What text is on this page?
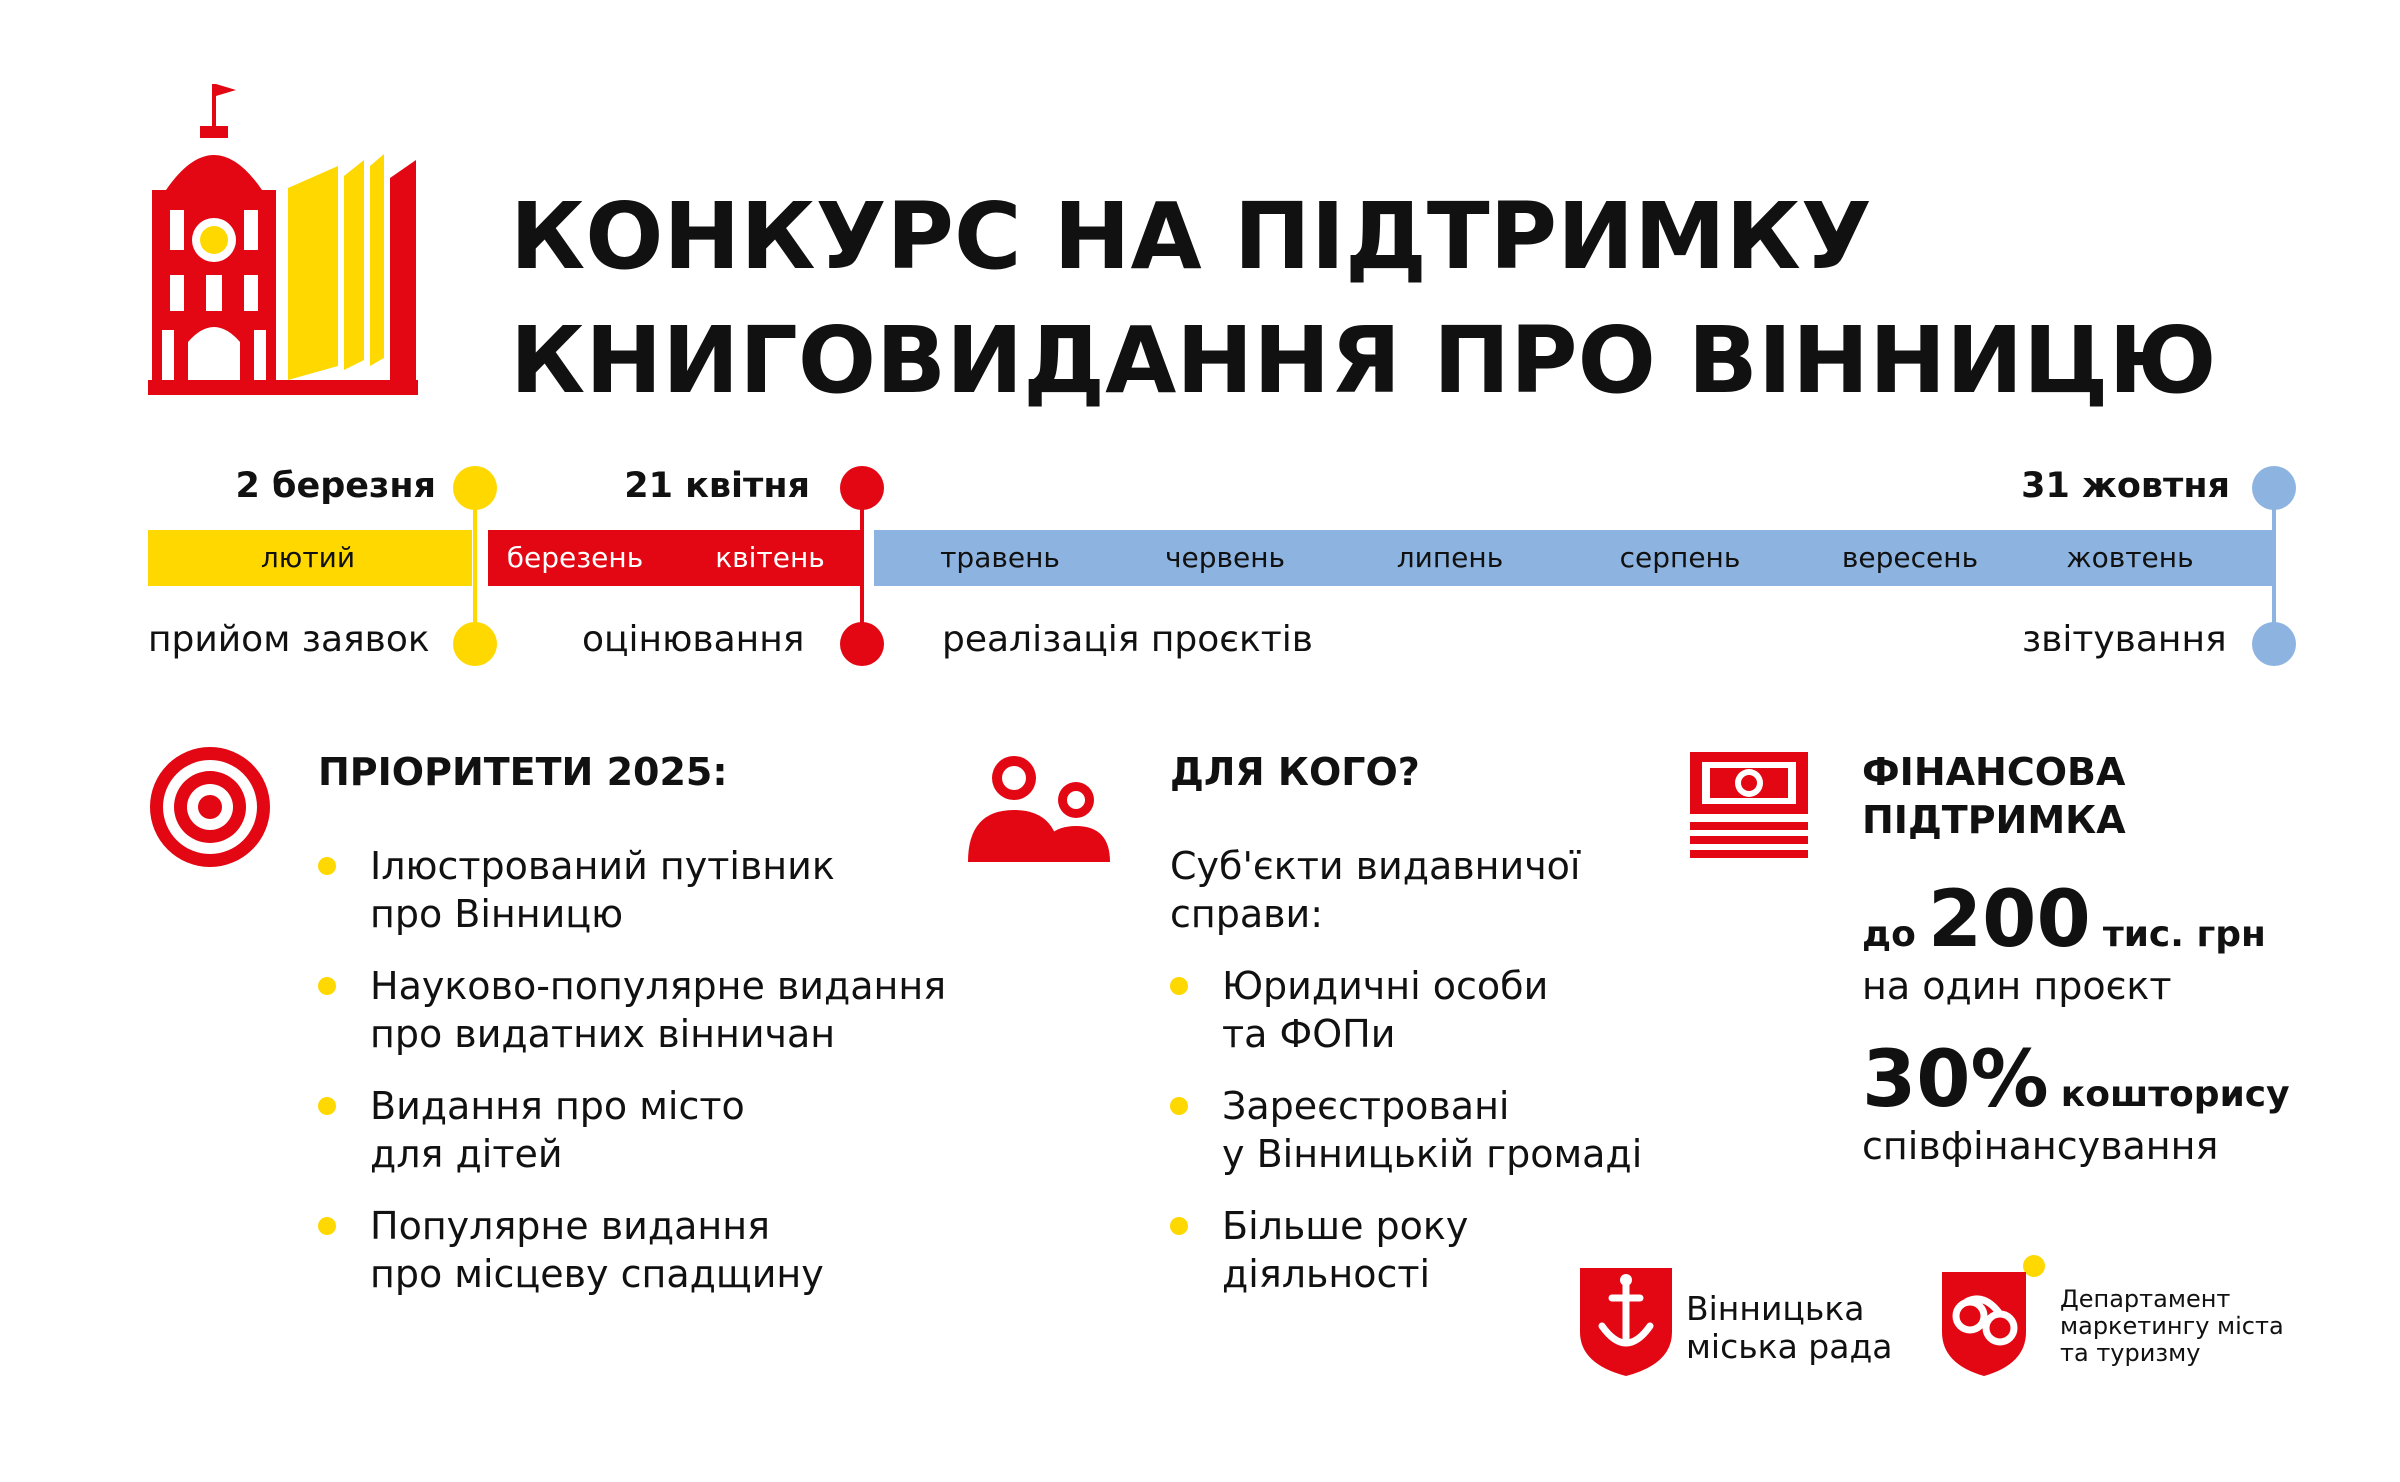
КОНКУРС НА ПІДТРИМКУ
КНИГОВИДАННЯ ПРО ВІННИЦЮ
2 березня	21 квітня	31 жовтня
лютий	березень	квітень	травень	червень	липень	серпень	вересень	жовтень
прийом заявок	оцінювання	реалізація проєктів	звітування
ПРІОРИТЕТИ 2025:
Ілюстрований путівник
про Вінницю
Науково-популярне видання
про видатних вінничан
Видання про місто
для дітей
Популярне видання
про місцеву спадщину
ДЛЯ КОГО?
Суб'єкти видавничої
справи:
Юридичні особи
та ФОПи
Зареєстровані
у Вінницькій громаді
Більше року
діяльності
ФІНАНСОВА
ПІДТРИМКА
до 200 тис. грн
на один проєкт
30% кошторису
співфінансування
Вінницька
міська рада
Департамент
маркетингу міста
та туризму
